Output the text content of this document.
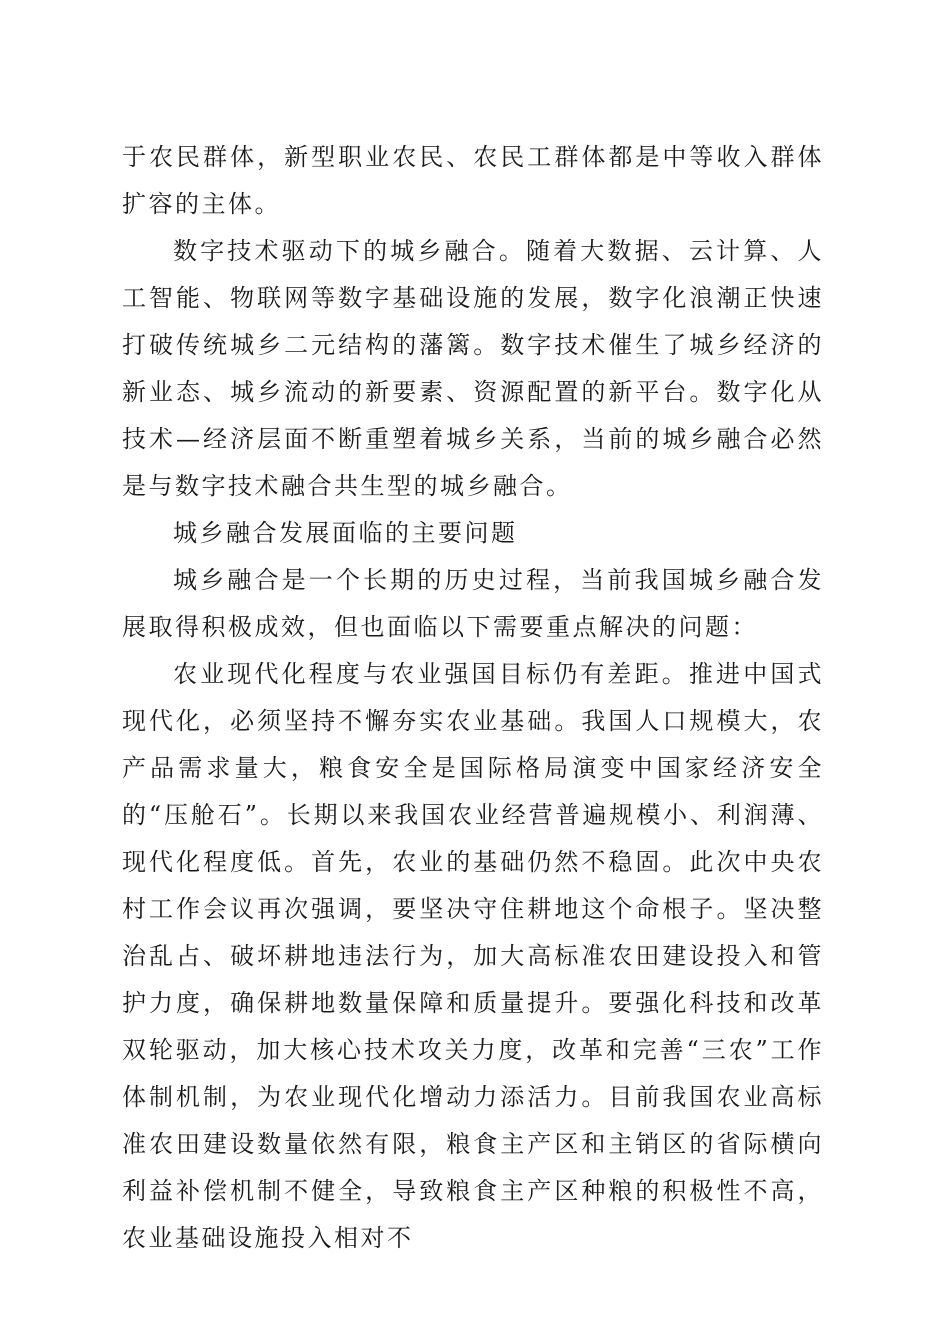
于农民群体，新型职业农民、农民工群体都是中等收入群体扩容的主体。

数字技术驱动下的城乡融合。随着大数据、云计算、人工智能、物联网等数字基础设施的发展，数字化浪潮正快速打破传统城乡二元结构的藩篱。数字技术催生了城乡经济的新业态、城乡流动的新要素、资源配置的新平台。数字化从技术—经济层面不断重塑着城乡关系，当前的城乡融合必然是与数字技术融合共生型的城乡融合。

城乡融合发展面临的主要问题

城乡融合是一个长期的历史过程，当前我国城乡融合发展取得积极成效，但也面临以下需要重点解决的问题：

农业现代化程度与农业强国目标仍有差距。推进中国式现代化，必须坚持不懈夯实农业基础。我国人口规模大，农产品需求量大，粮食安全是国际格局演变中国家经济安全的“压舱石”。长期以来我国农业经营普遍规模小、利润薄、现代化程度低。首先，农业的基础仍然不稳固。此次中央农村工作会议再次强调，要坚决守住耕地这个命根子。坚决整治乱占、破坏耕地违法行为，加大高标准农田建设投入和管护力度，确保耕地数量保障和质量提升。要强化科技和改革双轮驱动，加大核心技术攻关力度，改革和完善“三农”工作体制机制，为农业现代化增动力添活力。目前我国农业高标准农田建设数量依然有限，粮食主产区和主销区的省际横向利益补偿机制不健全，导致粮食主产区种粮的积极性不高，农业基础设施投入相对不
